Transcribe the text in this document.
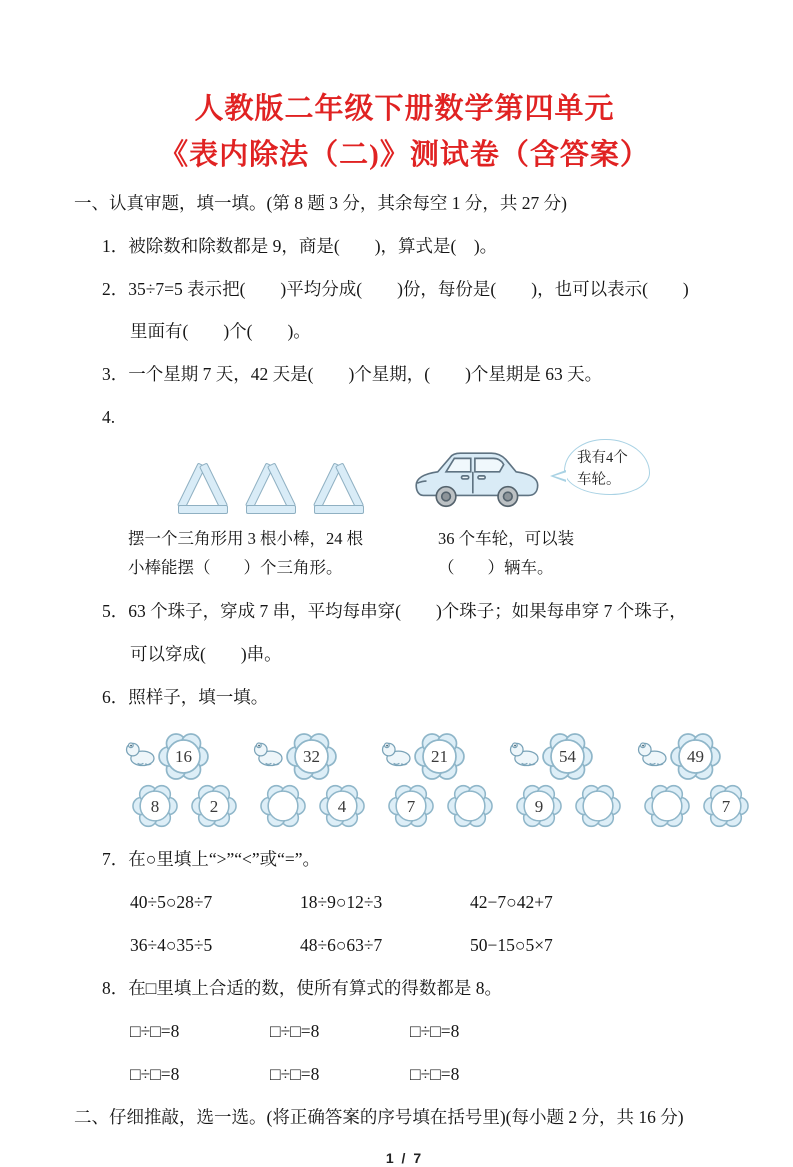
人教版二年级下册数学第四单元
《表内除法（二)》测试卷（含答案）

一、认真审题，填一填。(第 8 题 3 分，其余每空 1 分，共 27 分)

1．被除数和除数都是 9，商是(　　)，算式是(　)。

2．35÷7=5 表示把(　　)平均分成(　　)份，每份是(　　)，也可以表示(　　)

里面有(　　)个(　　)。

3．一个星期 7 天，42 天是(　　)个星期，(　　)个星期是 63 天。

4.

摆一个三角形用 3 根小棒，24 根
小棒能摆（　　）个三角形。
我有4个 车轮。
36 个车轮，可以装
（　　）辆车。

5．63 个珠子，穿成 7 串，平均每串穿(　　)个珠子；如果每串穿 7 个珠子，

可以穿成(　　)串。

6．照样子，填一填。

16
8	2
32
4
21
7
54
9
49
7

7．在○里填上“>”“<”或“=”。

40÷5○28÷7	18÷9○12÷3	42−7○42+7
36÷4○35÷5	48÷6○63÷7	50−15○5×7

8．在□里填上合适的数，使所有算式的得数都是 8。

□÷□=8	□÷□=8	□÷□=8
□÷□=8	□÷□=8	□÷□=8

二、仔细推敲，选一选。(将正确答案的序号填在括号里)(每小题 2 分，共 16 分)

1 / 7
